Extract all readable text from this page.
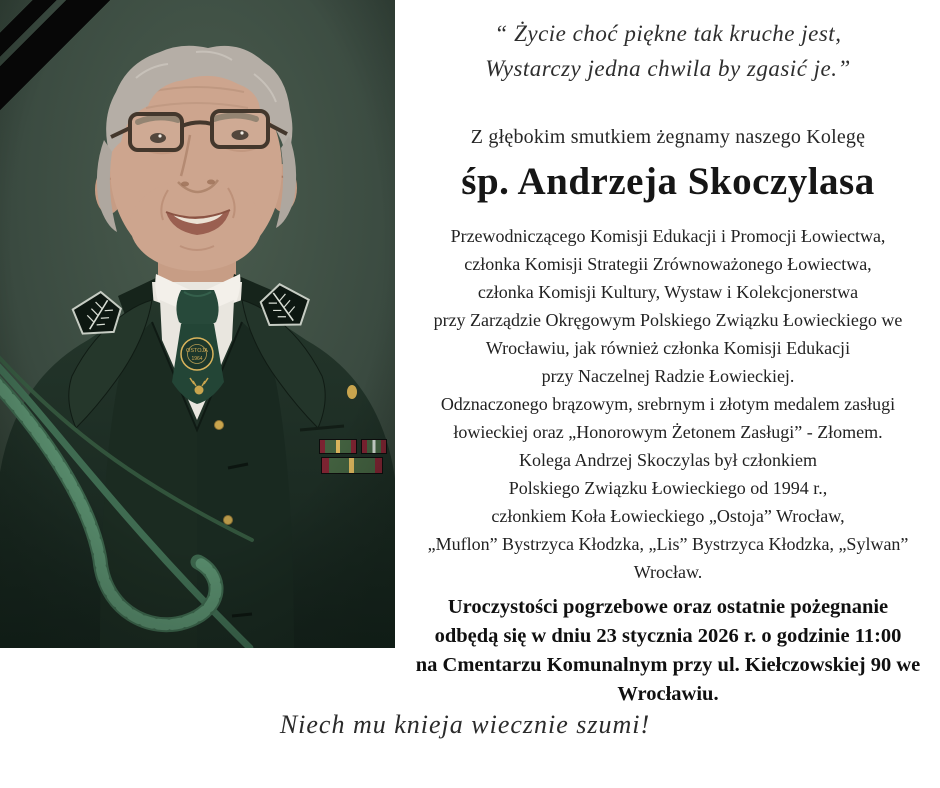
“ Życie choć piękne tak kruche jest,
Wystarczy jedna chwila by zgasić je.”
Z głębokim smutkiem żegnamy naszego Kolegę
śp. Andrzeja Skoczylasa
Przewodniczącego Komisji Edukacji i Promocji Łowiectwa,
członka Komisji Strategii Zrównoważonego Łowiectwa,
członka Komisji Kultury, Wystaw i Kolekcjonerstwa
przy Zarządzie Okręgowym Polskiego Związku Łowieckiego we
Wrocławiu, jak również członka Komisji Edukacji
przy Naczelnej Radzie Łowieckiej.
Odznaczonego brązowym, srebrnym i złotym medalem zasługi
łowieckiej oraz „Honorowym Żetonem Zasługi” - Złomem.
Kolega Andrzej Skoczylas był członkiem
Polskiego Związku Łowieckiego od 1994 r.,
członkiem Koła Łowieckiego „Ostoja” Wrocław,
„Muflon” Bystrzyca Kłodzka, „Lis” Bystrzyca Kłodzka, „Sylwan”
Wrocław.
Uroczystości pogrzebowe oraz ostatnie pożegnanie
odbędą się w dniu 23 stycznia 2026 r. o godzinie 11:00
na Cmentarzu Komunalnym przy ul. Kiełczowskiej 90 we
Wrocławiu.
Niech mu knieja wiecznie szumi!
